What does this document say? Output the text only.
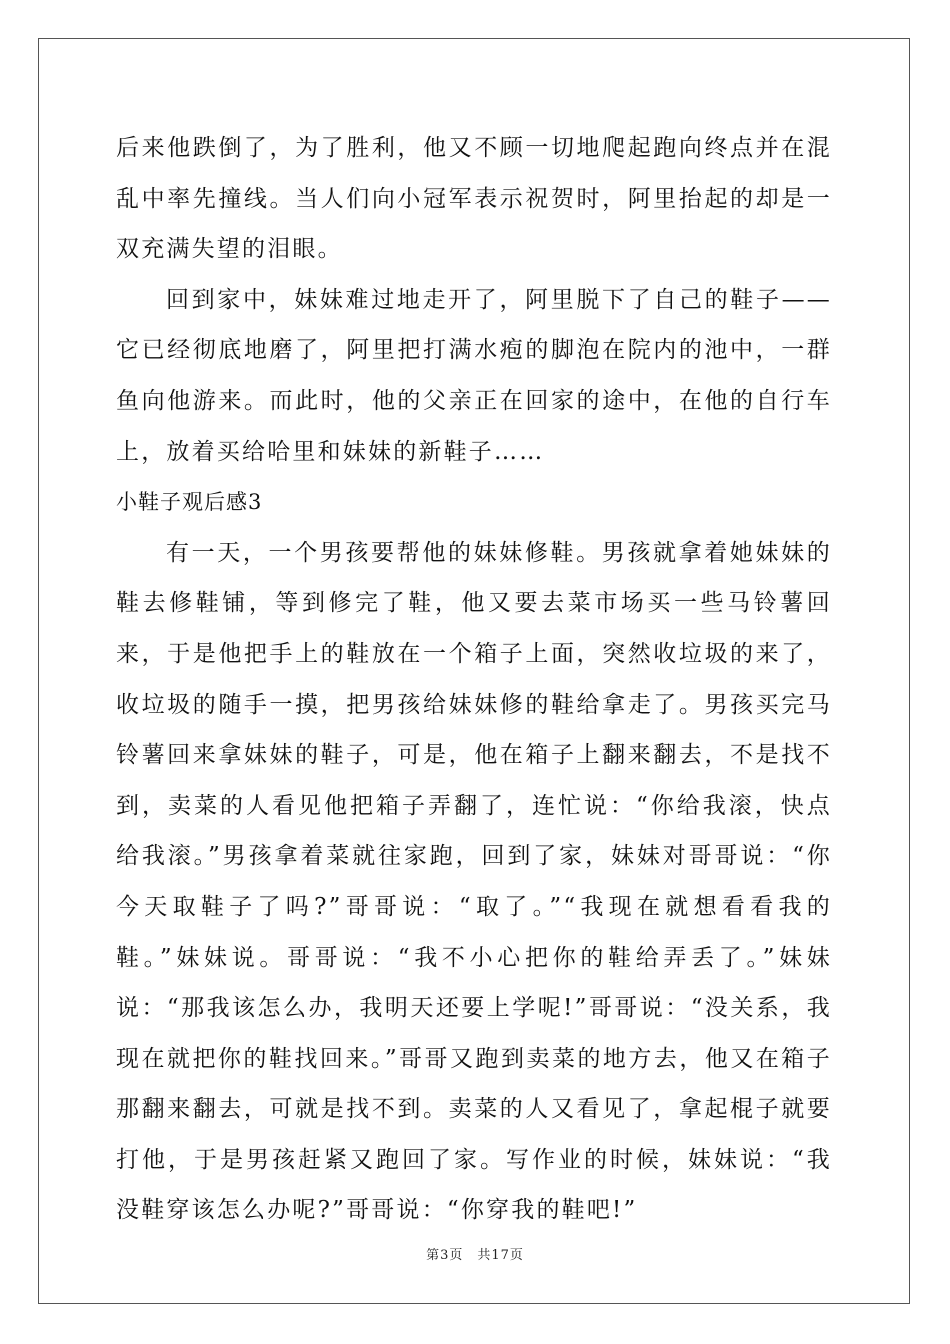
后来他跌倒了，为了胜利，他又不顾一切地爬起跑向终点并在混乱中率先撞线。当人们向小冠军表示祝贺时，阿里抬起的却是一双充满失望的泪眼。

回到家中，妹妹难过地走开了，阿里脱下了自己的鞋子——它已经彻底地磨了，阿里把打满水疱的脚泡在院内的池中，一群鱼向他游来。而此时，他的父亲正在回家的途中，在他的自行车上，放着买给哈里和妹妹的新鞋子……

小鞋子观后感3

有一天，一个男孩要帮他的妹妹修鞋。男孩就拿着她妹妹的鞋去修鞋铺，等到修完了鞋，他又要去菜市场买一些马铃薯回来，于是他把手上的鞋放在一个箱子上面，突然收垃圾的来了，收垃圾的随手一摸，把男孩给妹妹修的鞋给拿走了。男孩买完马铃薯回来拿妹妹的鞋子，可是，他在箱子上翻来翻去，不是找不到，卖菜的人看见他把箱子弄翻了，连忙说：“你给我滚，快点给我滚。”男孩拿着菜就往家跑，回到了家，妹妹对哥哥说：“你今天取鞋子了吗?”哥哥说：“取了。”“我现在就想看看我的鞋。”妹妹说。哥哥说：“我不小心把你的鞋给弄丢了。”妹妹说：“那我该怎么办，我明天还要上学呢!”哥哥说：“没关系，我现在就把你的鞋找回来。”哥哥又跑到卖菜的地方去，他又在箱子那翻来翻去，可就是找不到。卖菜的人又看见了，拿起棍子就要打他，于是男孩赶紧又跑回了家。写作业的时候，妹妹说：“我没鞋穿该怎么办呢?”哥哥说：“你穿我的鞋吧!”

第3页 共17页
